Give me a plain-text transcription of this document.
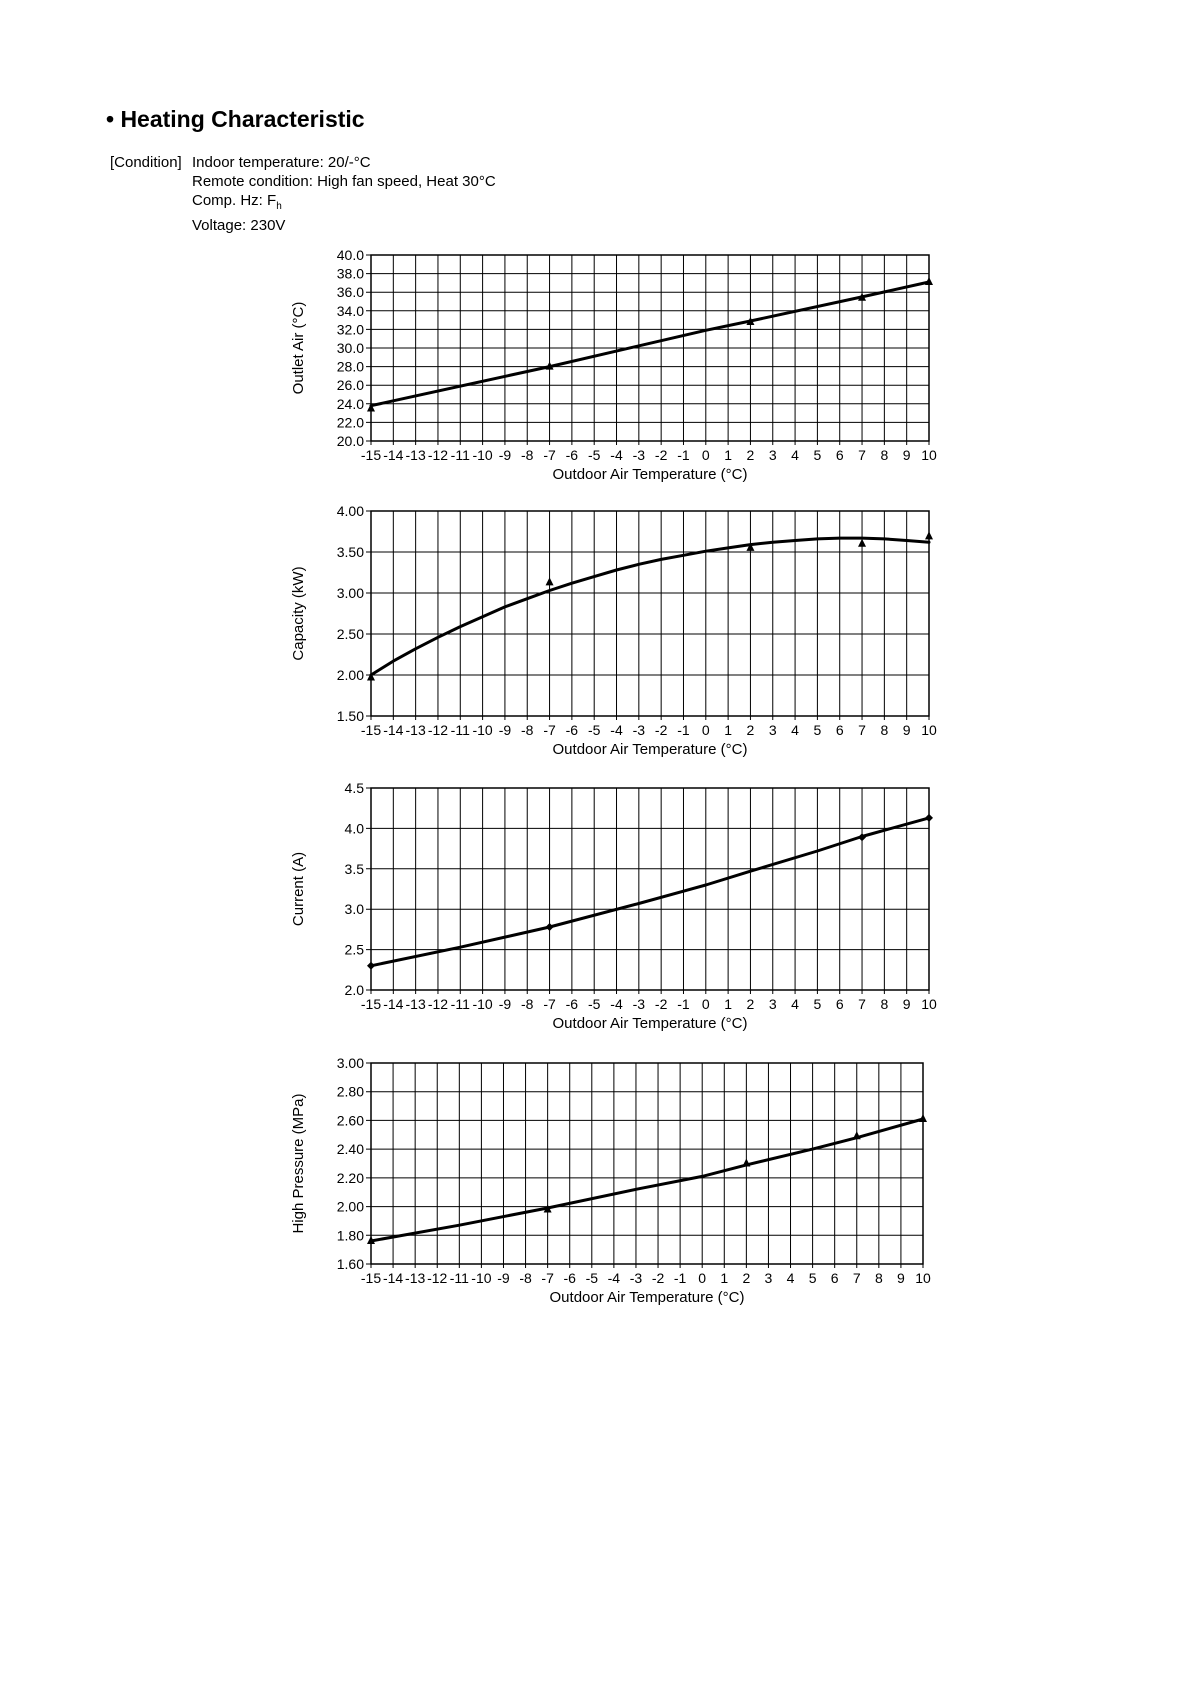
• Heating Characteristic
[Condition] Indoor temperature: 20/-°C
Remote condition: High fan speed, Heat 30°C
Comp. Hz: $F_h$
Voltage: 230V
-15 -14 -13 -12 -11 -10 -9 -8 -7 -6 -5 -4 -3 -2 -1 0 1 2 3 4 5 6 7 8 9 10
20.0
22.0
24.0
26.0
28.0
30.0
32.0
34.0
36.0
38.0
40.0
Outdoor Air Temperature (°C)
Outlet Air (°C)
-15 -14 -13 -12 -11 -10 -9 -8 -7 -6 -5 -4 -3 -2 -1 0 1 2 3 4 5 6 7 8 9 10
1.50
2.00
2.50
3.00
3.50
4.00
Outdoor Air Temperature (°C)
Capacity (kW)
-15 -14 -13 -12 -11 -10 -9 -8 -7 -6 -5 -4 -3 -2 -1 0 1 2 3 4 5 6 7 8 9 10
2.0
2.5
3.0
3.5
4.0
4.5
Outdoor Air Temperature (°C)
Current (A)
-15 -14 -13 -12 -11 -10 -9 -8 -7 -6 -5 -4 -3 -2 -1 0 1 2 3 4 5 6 7 8 9 10
1.60
1.80
2.00
2.20
2.40
2.60
2.80
3.00
Outdoor Air Temperature (°C)
High Pressure (MPa)
